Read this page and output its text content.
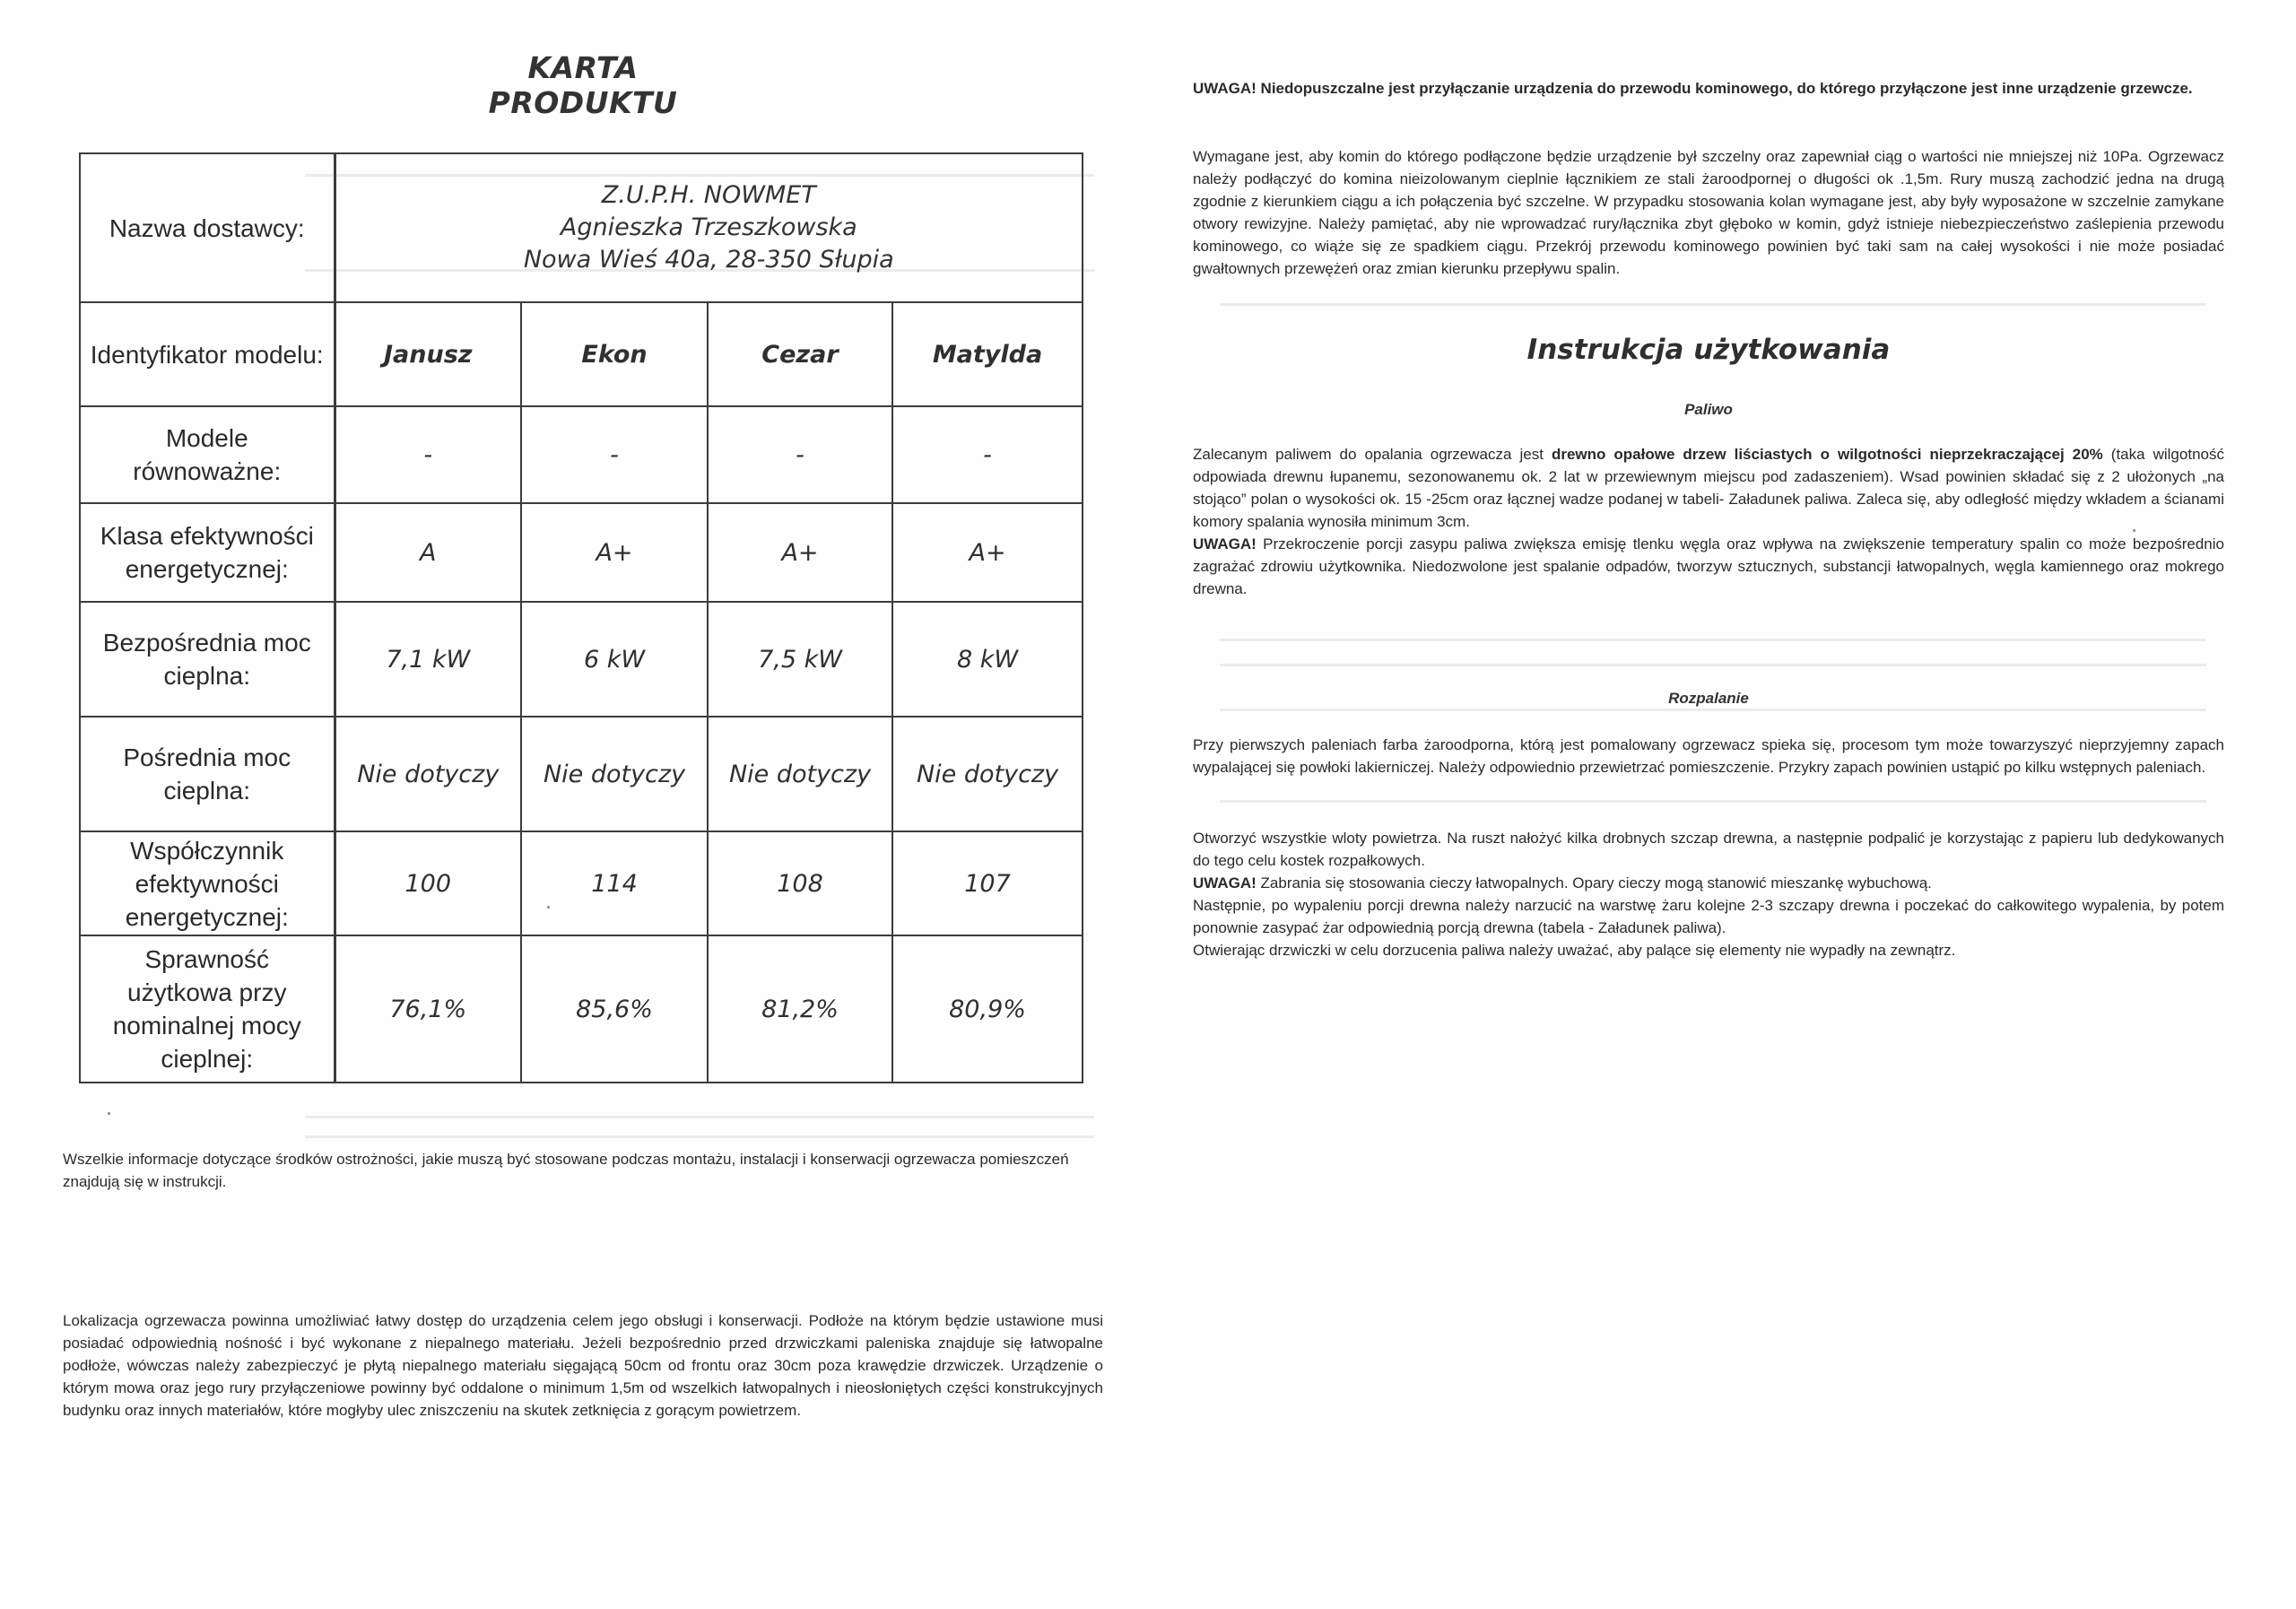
KARTA PRODUKTU
Nazwa dostawcy:	Z.U.P.H. NOWMET
Agnieszka Trzeszkowska
Nowa Wieś 40a, 28-350 Słupia			

Identyfikator modelu:	Janusz	Ekon	Cezar	Matylda
Modele równoważne:	-	-	-	-
Klasa efektywności energetycznej:	A	A+	A+	A+
Bezpośrednia moc cieplna:	7,1 kW	6 kW	7,5 kW	8 kW
Pośrednia moc cieplna:	Nie dotyczy	Nie dotyczy	Nie dotyczy	Nie dotyczy
Współczynnik efektywności energetycznej:	100	114	108	107
Sprawność użytkowa przy nominalnej mocy cieplnej:	76,1%	85,6%	81,2%	80,9%
Wszelkie informacje dotyczące środków ostrożności, jakie muszą być stosowane podczas montażu, instalacji i konserwacji ogrzewacza pomieszczeń znajdują się w instrukcji.
Lokalizacja ogrzewacza powinna umożliwiać łatwy dostęp do urządzenia celem jego obsługi i konserwacji. Podłoże na którym będzie ustawione musi posiadać odpowiednią nośność i być wykonane z niepalnego materiału. Jeżeli bezpośrednio przed drzwiczkami paleniska znajduje się łatwopalne podłoże, wówczas należy zabezpieczyć je płytą niepalnego materiału sięgającą 50cm od frontu oraz 30cm poza krawędzie drzwiczek. Urządzenie o którym mowa oraz jego rury przyłączeniowe powinny być oddalone o minimum 1,5m od wszelkich łatwopalnych i nieosłoniętych części konstrukcyjnych budynku oraz innych materiałów, które mogłyby ulec zniszczeniu na skutek zetknięcia z gorącym powietrzem.
UWAGA! Niedopuszczalne jest przyłączanie urządzenia do przewodu kominowego, do którego przyłączone jest inne urządzenie grzewcze.
Wymagane jest, aby komin do którego podłączone będzie urządzenie był szczelny oraz zapewniał ciąg o wartości nie mniejszej niż 10Pa. Ogrzewacz należy podłączyć do komina nieizolowanym cieplnie łącznikiem ze stali żaroodpornej o długości ok .1,5m. Rury muszą zachodzić jedna na drugą zgodnie z kierunkiem ciągu a ich połączenia być szczelne. W przypadku stosowania kolan wymagane jest, aby były wyposażone w szczelnie zamykane otwory rewizyjne. Należy pamiętać, aby nie wprowadzać rury/łącznika zbyt głęboko w komin, gdyż istnieje niebezpieczeństwo zaślepienia przewodu kominowego, co wiąże się ze spadkiem ciągu. Przekrój przewodu kominowego powinien być taki sam na całej wysokości i nie może posiadać gwałtownych przewężeń oraz zmian kierunku przepływu spalin.
Instrukcja użytkowania
Paliwo

Zalecanym paliwem do opalania ogrzewacza jest drewno opałowe drzew liściastych o wilgotności nieprzekraczającej 20% (taka wilgotność odpowiada drewnu łupanemu, sezonowanemu ok. 2 lat w przewiewnym miejscu pod zadaszeniem). Wsad powinien składać się z 2 ułożonych „na stojąco” polan o wysokości ok. 15 -25cm oraz łącznej wadze podanej w tabeli- Załadunek paliwa. Zaleca się, aby odległość między wkładem a ścianami komory spalania wynosiła minimum 3cm.

UWAGA! Przekroczenie porcji zasypu paliwa zwiększa emisję tlenku węgla oraz wpływa na zwiększenie temperatury spalin co może bezpośrednio zagrażać zdrowiu użytkownika. Niedozwolone jest spalanie odpadów, tworzyw sztucznych, substancji łatwopalnych, węgla kamiennego oraz mokrego drewna.

Rozpalanie

Przy pierwszych paleniach farba żaroodporna, którą jest pomalowany ogrzewacz spieka się, procesom tym może towarzyszyć nieprzyjemny zapach wypalającej się powłoki lakierniczej. Należy odpowiednio przewietrzać pomieszczenie. Przykry zapach powinien ustąpić po kilku wstępnych paleniach.

Otworzyć wszystkie wloty powietrza. Na ruszt nałożyć kilka drobnych szczap drewna, a następnie podpalić je korzystając z papieru lub dedykowanych do tego celu kostek rozpałkowych.

UWAGA! Zabrania się stosowania cieczy łatwopalnych. Opary cieczy mogą stanowić mieszankę wybuchową.

Następnie, po wypaleniu porcji drewna należy narzucić na warstwę żaru kolejne 2-3 szczapy drewna i poczekać do całkowitego wypalenia, by potem ponownie zasypać żar odpowiednią porcją drewna (tabela - Załadunek paliwa).

Otwierając drzwiczki w celu dorzucenia paliwa należy uważać, aby palące się elementy nie wypadły na zewnątrz.
